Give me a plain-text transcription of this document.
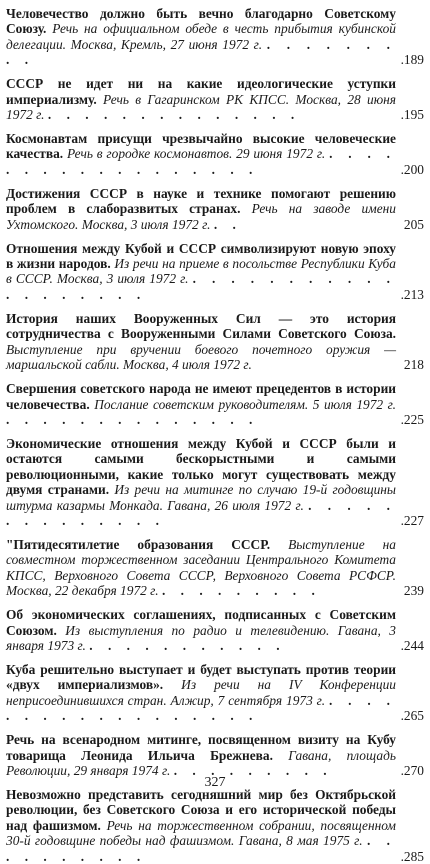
Человечество должно быть вечно благодарно Советскому Союзу. Речь на официальном обеде в честь прибытия кубинской делегации. Москва, Кремль, 27 июня 1972 г. . . . . . . . . .	.189
СССР не идет ни на какие идеологические уступки империализму. Речь в Гагаринском РК КПСС. Москва, 28 июня 1972 г. . . . . . . . . . . . . . .	.195
Космонавтам присущи чрезвычайно высокие человеческие качества. Речь в городке космонавтов. 29 июня 1972 г. . . . . . . . . . . . . . . . . . .	.200
Достижения СССР в науке и технике помогают решению проблем в слаборазвитых странах. Речь на заводе имени Ухтомского. Москва, 3 июля 1972 г. . .	205
Отношения между Кубой и СССР символизируют новую эпоху в жизни народов. Из речи на приеме в посольстве Республики Куба в СССР. Москва, 3 июля 1972 г. . . . . . . . . . . . . . . . . . . .	.213
История наших Вооруженных Сил — это история сотрудничества с Вооруженными Силами Советского Союза. Выступление при вручении боевого почетного оружия — маршальской сабли. Москва, 4 июля 1972 г.	218
Свершения советского народа не имеют прецедентов в истории человечества. Послание советским руководителям. 5 июля 1972 г. . . . . . . . . . . . . . .	.225
Экономические отношения между Кубой и СССР были и остаются самыми бескорыстными и самыми революционными, какие только могут существовать между двумя странами. Из речи на митинге по случаю 19-й годовщины штурма казармы Монкада. Гавана, 26 июля 1972 г. . . . . . . . . . . . . . .	.227
"Пятидесятилетие образования СССР. Выступление на совместном торжественном заседании Центрального Комитета КПСС, Верховного Совета СССР, Верховного Совета РСФСР. Москва, 22 декабря 1972 г. . . . . . . . . .	239
Об экономических соглашениях, подписанных с Советским Союзом. Из выступления по радио и телевидению. Гавана, 3 января 1973 г. . . . . . . . . . . .	.244
Куба решительно выступает и будет выступать против теории «двух империализмов». Из речи на IV Конференции неприсоединившихся стран. Алжир, 7 сентября 1973 г. . . . . . . . . . . . . . . . . . .	.265
Речь на всенародном митинге, посвященном визиту на Кубу товарища Леонида Ильича Брежнева. Гавана, площадь Революции, 29 января 1974 г. . . . . . . . . .	.270
Невозможно представить сегодняшний мир без Октябрьской революции, без Советского Союза и его исторической победы над фашизмом. Речь на торжественном собрании, посвященном 30-й годовщине победы над фашизмом. Гавана, 8 мая 1975 г. . . . . . . . . . .	.285
327
